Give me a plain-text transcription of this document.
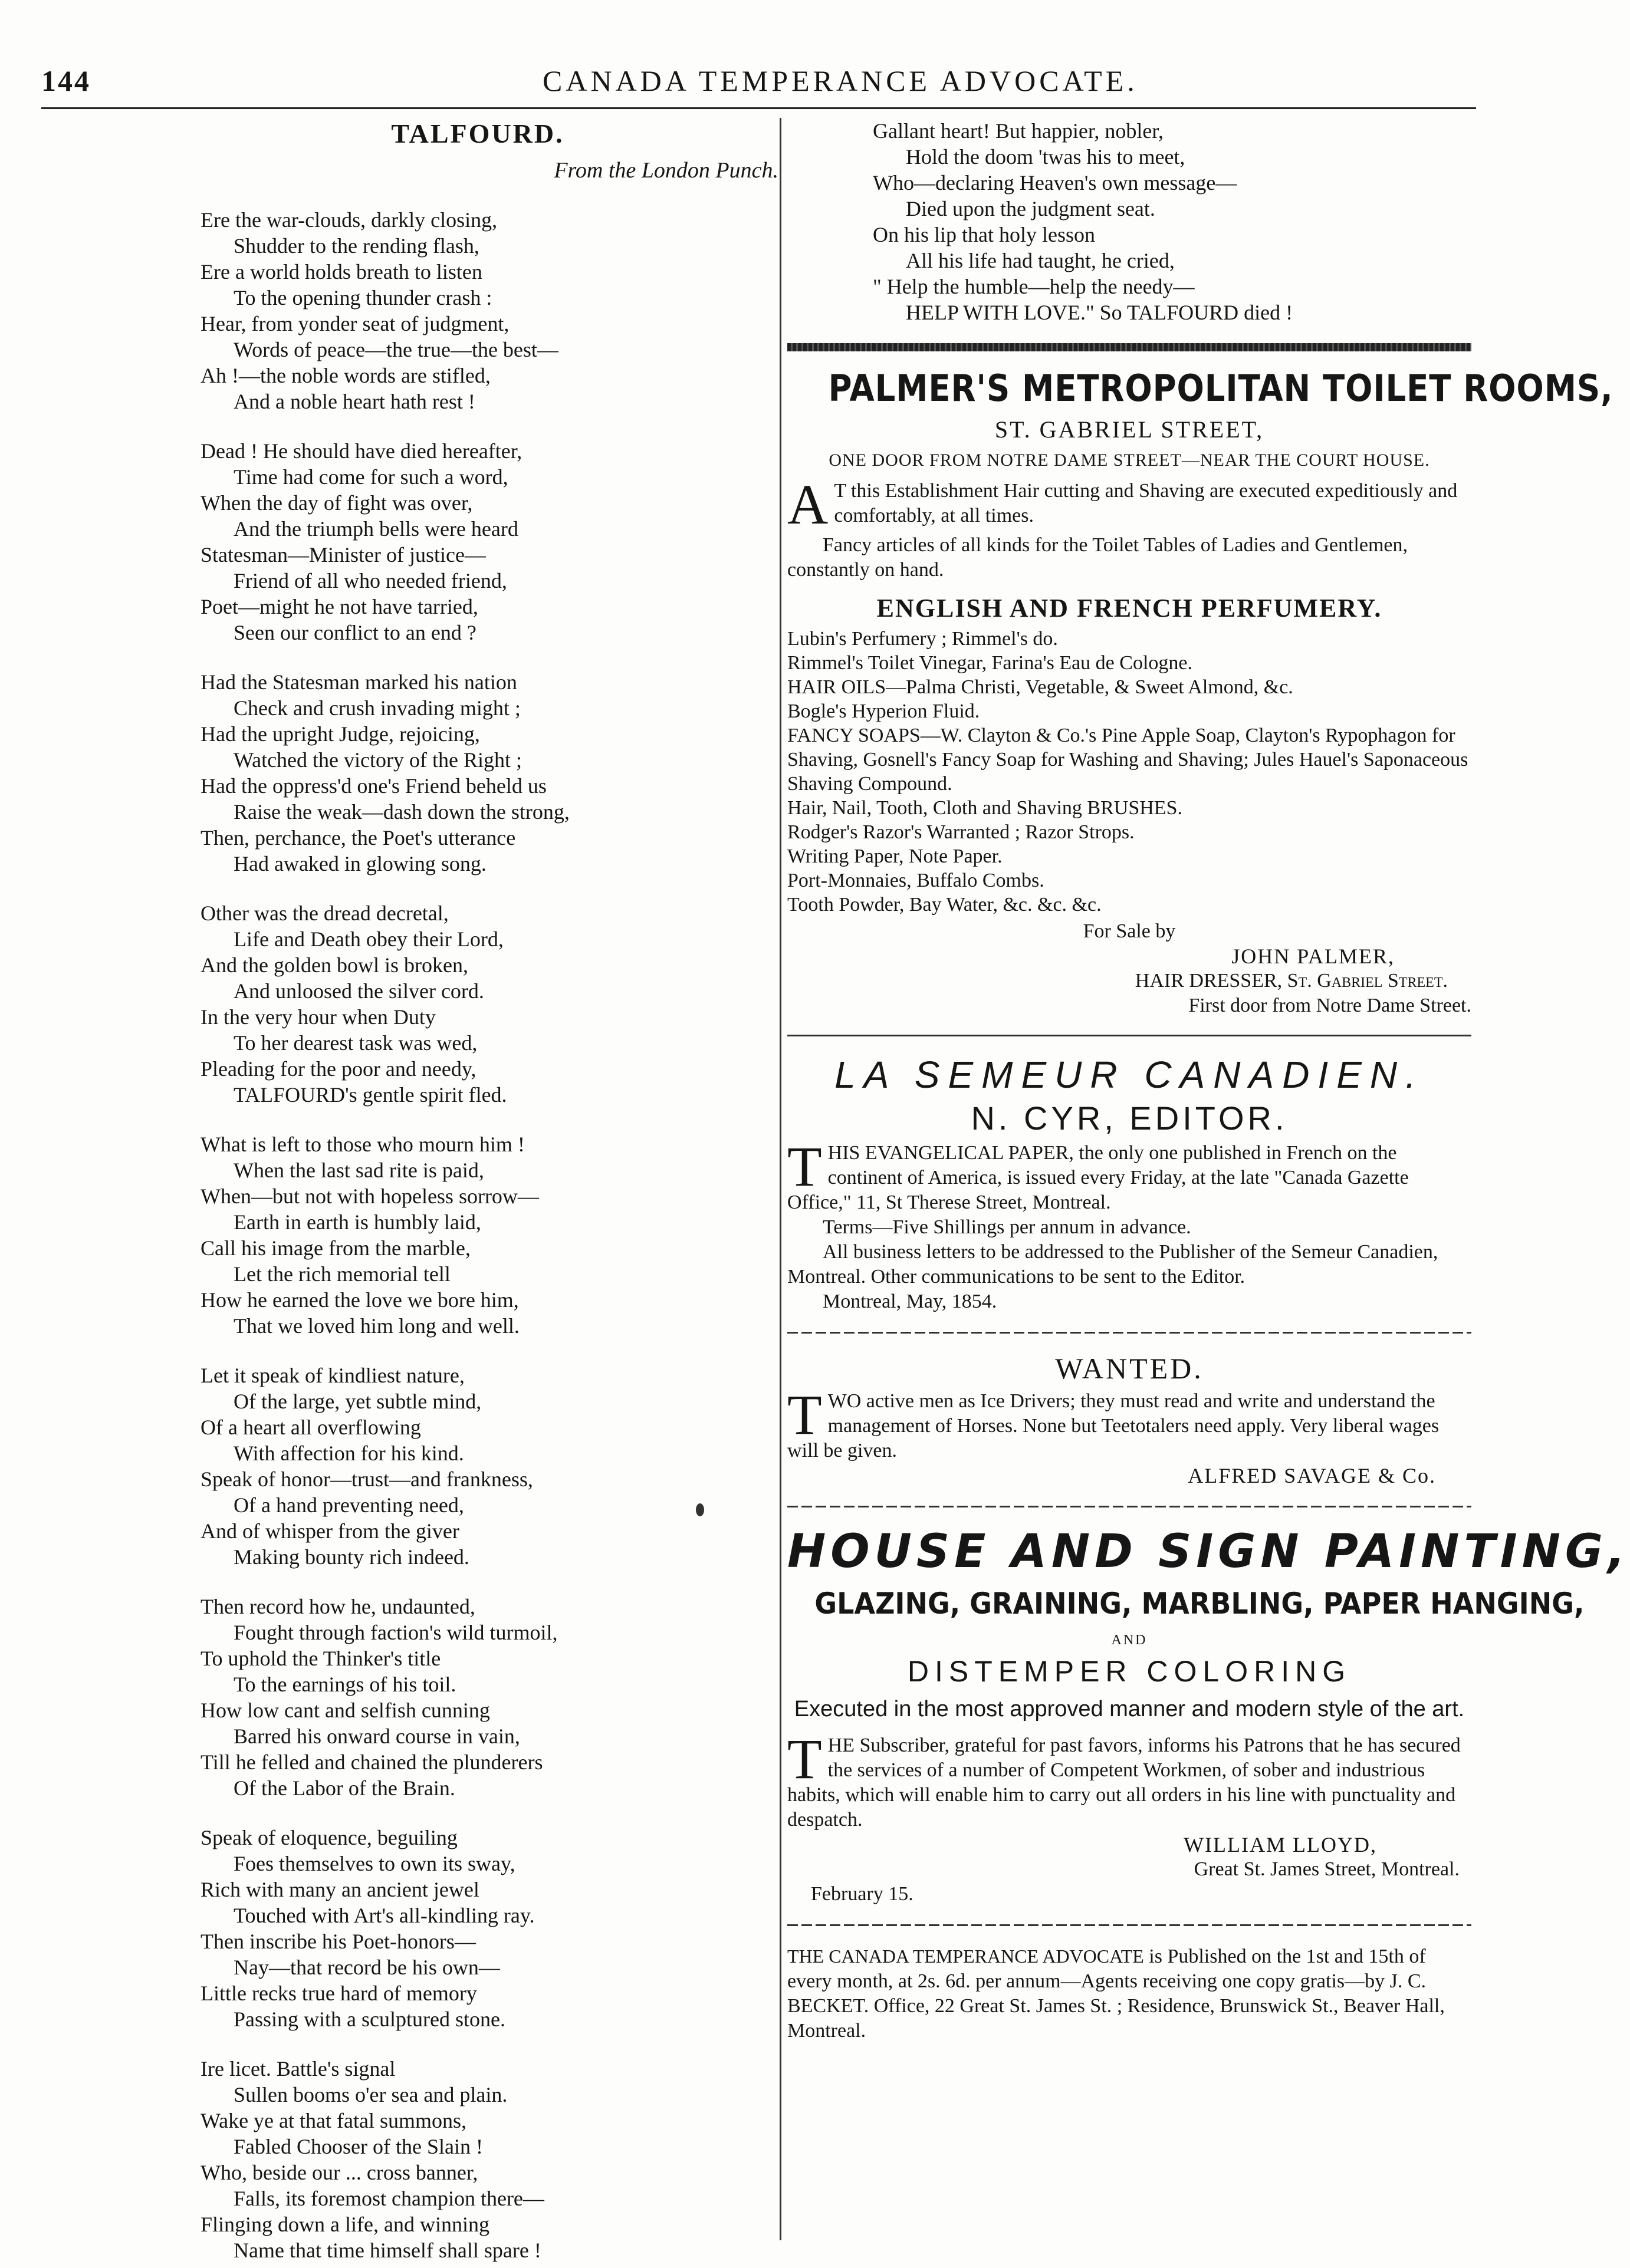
144	CANADA TEMPERANCE ADVOCATE.
TALFOURD.
From the London Punch.
Ere the war-clouds, darkly closing,
Shudder to the rending flash,
Ere a world holds breath to listen
To the opening thunder crash :
Hear, from yonder seat of judgment,
Words of peace—the true—the best—
Ah !—the noble words are stifled,
And a noble heart hath rest !
Dead ! He should have died hereafter,
Time had come for such a word,
When the day of fight was over,
And the triumph bells were heard
Statesman—Minister of justice—
Friend of all who needed friend,
Poet—might he not have tarried,
Seen our conflict to an end ?
Had the Statesman marked his nation
Check and crush invading might ;
Had the upright Judge, rejoicing,
Watched the victory of the Right ;
Had the oppress'd one's Friend beheld us
Raise the weak—dash down the strong,
Then, perchance, the Poet's utterance
Had awaked in glowing song.
Other was the dread decretal,
Life and Death obey their Lord,
And the golden bowl is broken,
And unloosed the silver cord.
In the very hour when Duty
To her dearest task was wed,
Pleading for the poor and needy,
TALFOURD's gentle spirit fled.
What is left to those who mourn him !
When the last sad rite is paid,
When—but not with hopeless sorrow—
Earth in earth is humbly laid,
Call his image from the marble,
Let the rich memorial tell
How he earned the love we bore him,
That we loved him long and well.
Let it speak of kindliest nature,
Of the large, yet subtle mind,
Of a heart all overflowing
With affection for his kind.
Speak of honor—trust—and frankness,
Of a hand preventing need,
And of whisper from the giver
Making bounty rich indeed.
Then record how he, undaunted,
Fought through faction's wild turmoil,
To uphold the Thinker's title
To the earnings of his toil.
How low cant and selfish cunning
Barred his onward course in vain,
Till he felled and chained the plunderers
Of the Labor of the Brain.
Speak of eloquence, beguiling
Foes themselves to own its sway,
Rich with many an ancient jewel
Touched with Art's all-kindling ray.
Then inscribe his Poet-honors—
Nay—that record be his own—
Little recks true hard of memory
Passing with a sculptured stone.
Ire licet. Battle's signal
Sullen booms o'er sea and plain.
Wake ye at that fatal summons,
Fabled Chooser of the Slain !
Who, beside our ... cross banner,
Falls, its foremost champion there—
Flinging down a life, and winning
Name that time himself shall spare !
Gallant heart! But happier, nobler,
Hold the doom 'twas his to meet,
Who—declaring Heaven's own message—
Died upon the judgment seat.
On his lip that holy lesson
All his life had taught, he cried,
" Help the humble—help the needy—
HELP WITH LOVE." So TALFOURD died !
PALMER'S METROPOLITAN TOILET ROOMS,
ST. GABRIEL STREET,
ONE DOOR FROM NOTRE DAME STREET—NEAR THE COURT HOUSE.
A T this Establishment Hair cutting and Shaving are executed expeditiously and comfortably, at all times.
Fancy articles of all kinds for the Toilet Tables of Ladies and Gentlemen, constantly on hand.
ENGLISH AND FRENCH PERFUMERY.
Lubin's Perfumery ; Rimmel's do.
Rimmel's Toilet Vinegar, Farina's Eau de Cologne.
HAIR OILS—Palma Christi, Vegetable, & Sweet Almond, &c.
Bogle's Hyperion Fluid.
FANCY SOAPS—W. Clayton & Co.'s Pine Apple Soap, Clayton's Rypophagon for Shaving, Gosnell's Fancy Soap for Washing and Shaving; Jules Hauel's Saponaceous Shaving Compound.
Hair, Nail, Tooth, Cloth and Shaving BRUSHES.
Rodger's Razor's Warranted ; Razor Strops.
Writing Paper, Note Paper.
Port-Monnaies, Buffalo Combs.
Tooth Powder, Bay Water, &c. &c. &c.
For Sale by
JOHN PALMER,
HAIR DRESSER, St. Gabriel Street.
First door from Notre Dame Street.
LA SEMEUR CANADIEN.
N. CYR, EDITOR.
THIS EVANGELICAL PAPER, the only one published in French on the continent of America, is issued every Friday, at the late "Canada Gazette Office," 11, St Therese Street, Montreal.
Terms—Five Shillings per annum in advance.
All business letters to be addressed to the Publisher of the Semeur Canadien, Montreal. Other communications to be sent to the Editor.
Montreal, May, 1854.
WANTED.
TWO active men as Ice Drivers; they must read and write and understand the management of Horses. None but Teetotalers need apply. Very liberal wages will be given.
ALFRED SAVAGE & Co.
HOUSE AND SIGN PAINTING,
GLAZING, GRAINING, MARBLING, PAPER HANGING,
AND
DISTEMPER COLORING
Executed in the most approved manner and modern style of the art.
THE Subscriber, grateful for past favors, informs his Patrons that he has secured the services of a number of Competent Workmen, of sober and industrious habits, which will enable him to carry out all orders in his line with punctuality and despatch.
WILLIAM LLOYD,
Great St. James Street, Montreal.
February 15.
THE CANADA TEMPERANCE ADVOCATE is Published on the 1st and 15th of every month, at 2s. 6d. per annum—Agents receiving one copy gratis—by J. C. BECKET. Office, 22 Great St. James St. ; Residence, Brunswick St., Beaver Hall, Montreal.
